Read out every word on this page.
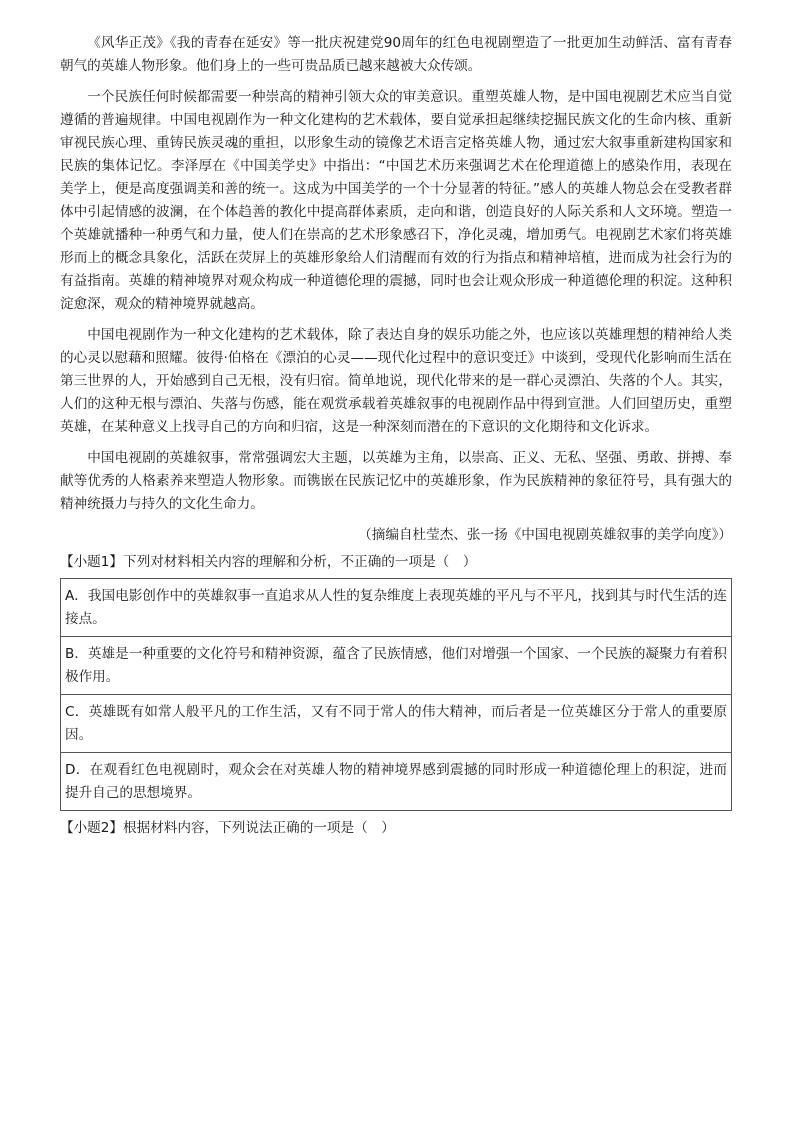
《风华正茂》《我的青春在延安》等一批庆祝建党90周年的红色电视剧塑造了一批更加生动鲜活、富有青春朝气的英雄人物形象。他们身上的一些可贵品质已越来越被大众传颂。

一个民族任何时候都需要一种崇高的精神引领大众的审美意识。重塑英雄人物，是中国电视剧艺术应当自觉遵循的普遍规律。中国电视剧作为一种文化建构的艺术载体，要自觉承担起继续挖掘民族文化的生命内核、重新审视民族心理、重铸民族灵魂的重担，以形象生动的镜像艺术语言定格英雄人物，通过宏大叙事重新建构国家和民族的集体记忆。李泽厚在《中国美学史》中指出：“中国艺术历来强调艺术在伦理道德上的感染作用，表现在美学上，便是高度强调美和善的统一。这成为中国美学的一个十分显著的特征。”感人的英雄人物总会在受教者群体中引起情感的波澜，在个体趋善的教化中提高群体素质，走向和谐，创造良好的人际关系和人文环境。塑造一个英雄就播种一种勇气和力量，使人们在崇高的艺术形象感召下，净化灵魂，增加勇气。电视剧艺术家们将英雄形而上的概念具象化，活跃在荧屏上的英雄形象给人们清醒而有效的行为指点和精神培植，进而成为社会行为的有益指南。英雄的精神境界对观众构成一种道德伦理的震撼，同时也会让观众形成一种道德伦理的积淀。这种积淀愈深，观众的精神境界就越高。

中国电视剧作为一种文化建构的艺术载体，除了表达自身的娱乐功能之外，也应该以英雄理想的精神给人类的心灵以慰藉和照耀。彼得·伯格在《漂泊的心灵——现代化过程中的意识变迁》中谈到，受现代化影响而生活在第三世界的人，开始感到自己无根，没有归宿。简单地说，现代化带来的是一群心灵漂泊、失落的个人。其实，人们的这种无根与漂泊、失落与伤感，能在观赏承载着英雄叙事的电视剧作品中得到宣泄。人们回望历史，重塑英雄，在某种意义上找寻自己的方向和归宿，这是一种深刻而潜在的下意识的文化期待和文化诉求。

中国电视剧的英雄叙事，常常强调宏大主题，以英雄为主角，以崇高、正义、无私、坚强、勇敢、拼搏、奉献等优秀的人格素养来塑造人物形象。而镌嵌在民族记忆中的英雄形象，作为民族精神的象征符号，具有强大的精神统摄力与持久的文化生命力。

（摘编自杜莹杰、张一扬《中国电视剧英雄叙事的美学向度》）
【小题1】下列对材料相关内容的理解和分析，不正确的一项是（　）
A．我国电影创作中的英雄叙事一直追求从人性的复杂维度上表现英雄的平凡与不平凡，找到其与时代生活的连接点。
B．英雄是一种重要的文化符号和精神资源，蕴含了民族情感，他们对增强一个国家、一个民族的凝聚力有着积极作用。
C．英雄既有如常人般平凡的工作生活，又有不同于常人的伟大精神，而后者是一位英雄区分于常人的重要原因。
D．在观看红色电视剧时，观众会在对英雄人物的精神境界感到震撼的同时形成一种道德伦理上的积淀，进而提升自己的思想境界。
【小题2】根据材料内容，下列说法正确的一项是（　）
